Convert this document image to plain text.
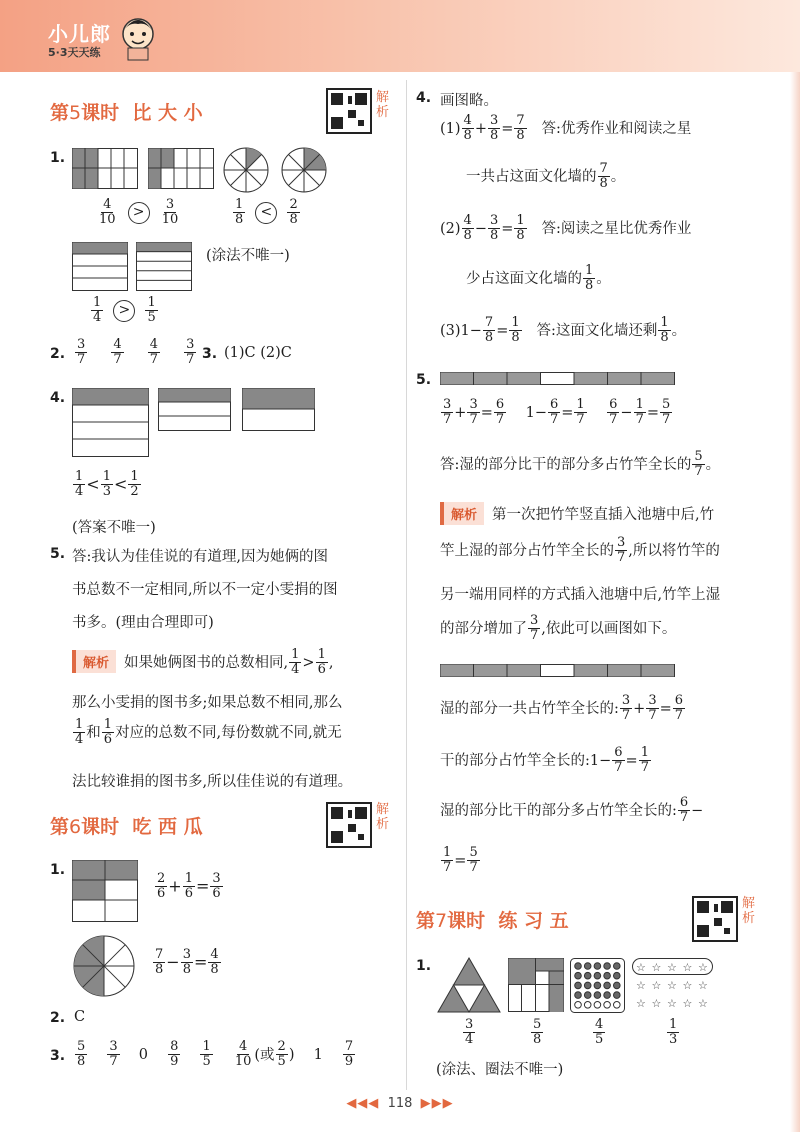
小儿郎
5·3天天练
第5课时 比 大 小
解析
1.
$\frac{4}{10} > \frac{3}{10}$	$\frac{1}{8} < \frac{2}{8}$
(涂法不唯一)
$\frac{1}{4} > \frac{1}{5}$
2. $\frac{3}{7}$
$\frac{4}{7}$
$\frac{4}{7}$
$\frac{3}{7} 3$. (1)C (2)C
4.
$\frac{1}{4} < \frac{1}{3} < \frac{1}{2}$
(答案不唯一)
5. 答:我认为佳佳说的有道理,因为她俩的图
书总数不一定相同,所以不一定小雯捐的图
书多。(理由合理即可)
解析 如果她俩图书的总数相同, $\frac{1}{4} > \frac{1}{6}$ ,
那么小雯捐的图书多;如果总数不相同,那么
$\frac{1}{4}$ 和 $\frac{1}{6}$ 对应的总数不同,每份数就不同,就无
法比较谁捐的图书多,所以佳佳说的有道理。
第6课时 吃 西 瓜
解析
1.
$\frac{2}{6} + \frac{1}{6} = \frac{3}{6}$
$\frac{7}{8} - \frac{3}{8} = \frac{4}{8}$
2. C
3. $\frac{5}{8}$
$\frac{3}{7} 0 \frac{8}{9}$
$\frac{1}{5}$
$\frac{4}{10}$ (或 $\frac{2}{5}$ ) $1 \frac{7}{9}$
4. 画图略。
$(1) \frac{4}{8} + \frac{3}{8} = \frac{7}{8}$ 答:优秀作业和阅读之星
一共占这面文化墙的 $\frac{7}{8}$ 。
$(2) \frac{4}{8} - \frac{3}{8} = \frac{1}{8}$ 答:阅读之星比优秀作业
少占这面文化墙的 $\frac{1}{8}$ 。
$(3)1- \frac{7}{8} = \frac{1}{8}$ 答:这面文化墙还剩 $\frac{1}{8}$ 。
5.
$\frac{3}{7} + \frac{3}{7} = \frac{6}{7} 1- \frac{6}{7} = \frac{1}{7}$
$\frac{6}{7} - \frac{1}{7} = \frac{5}{7}$
答:湿的部分比干的部分多占竹竿全长的 $\frac{5}{7}$ 。
解析 第一次把竹竿竖直插入池塘中后,竹
竿上湿的部分占竹竿全长的 $\frac{3}{7}$ ,所以将竹竿的
另一端用同样的方式插入池塘中后,竹竿上湿
的部分增加了 $\frac{3}{7}$ ,依此可以画图如下。
湿的部分一共占竹竿全长的: $\frac{3}{7} + \frac{3}{7} = \frac{6}{7}$
干的部分占竹竿全长的:1− $\frac{6}{7} = \frac{1}{7}$
湿的部分比干的部分多占竹竿全长的: $\frac{6}{7}$ −
$\frac{1}{7} = \frac{5}{7}$
第7课时 练 习 五
解析
1.	☆ ☆ ☆ ☆ ☆
☆ ☆ ☆ ☆ ☆
☆ ☆ ☆ ☆ ☆
$\frac{3}{4}$	$\frac{5}{8}$	$\frac{4}{5}$	$\frac{1}{3}$
(涂法、圈法不唯一)
◀◀◀ 118 ▶▶▶
